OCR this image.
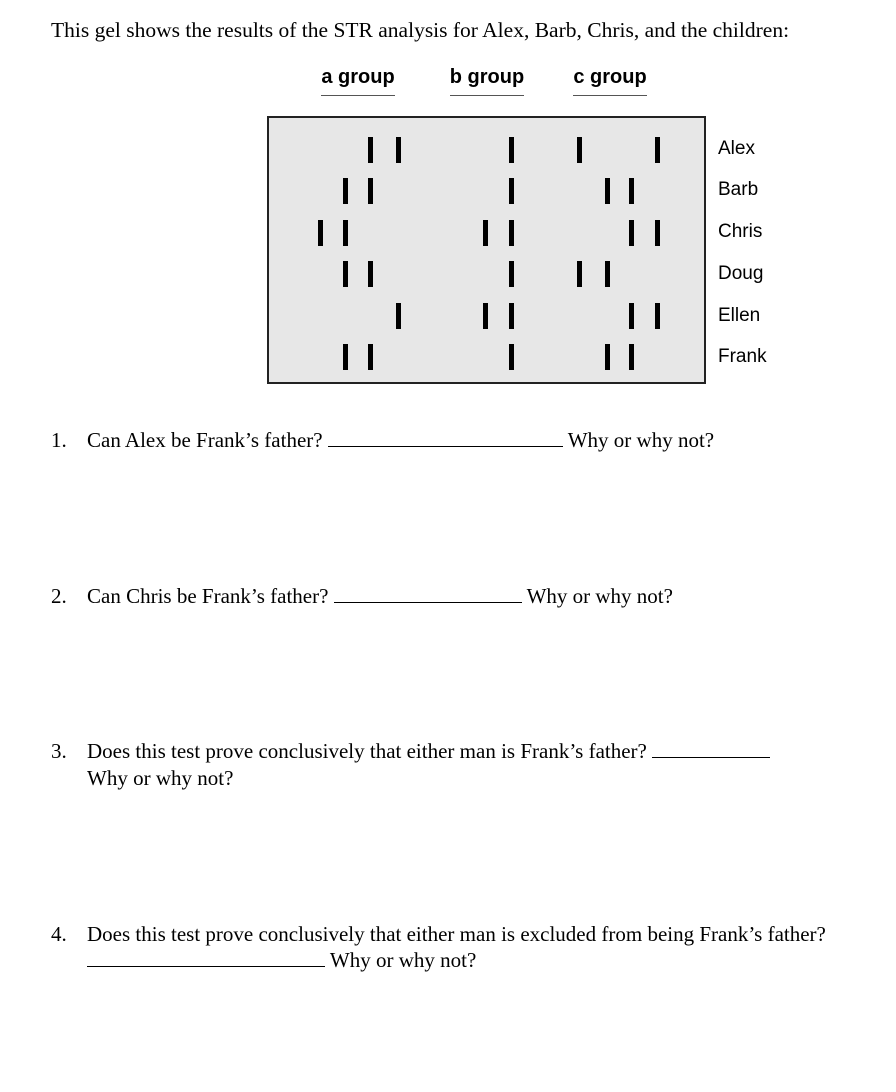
This gel shows the results of the STR analysis for Alex, Barb, Chris, and the children:
a group	b group	c group
Alex
Barb
Chris
Doug
Ellen
Frank
1. Can Alex be Frank’s father?	Why or why not?
2. Can Chris be Frank’s father?	Why or why not?
3. Does this test prove conclusively that either man is Frank’s father?
Why or why not?
4. Does this test prove conclusively that either man is excluded from being Frank’s father?
Why or why not?
